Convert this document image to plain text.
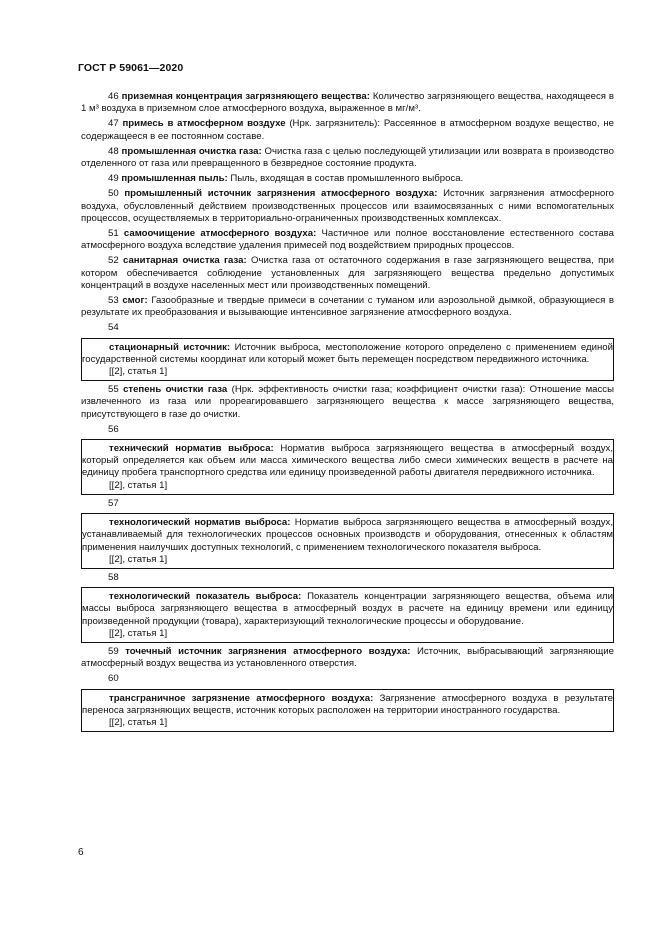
ГОСТ Р 59061—2020
46 приземная концентрация загрязняющего вещества: Количество загрязняющего вещества, находящееся в 1 м³ воздуха в приземном слое атмосферного воздуха, выраженное в мг/м³.
47 примесь в атмосферном воздухе (Нрк. загрязнитель): Рассеянное в атмосферном воздухе вещество, не содержащееся в ее постоянном составе.
48 промышленная очистка газа: Очистка газа с целью последующей утилизации или возврата в производство отделенного от газа или превращенного в безвредное состояние продукта.
49 промышленная пыль: Пыль, входящая в состав промышленного выброса.
50 промышленный источник загрязнения атмосферного воздуха: Источник загрязнения атмосферного воздуха, обусловленный действием производственных процессов или взаимосвязанных с ними вспомогательных процессов, осуществляемых в территориально-ограниченных производственных комплексах.
51 самоочищение атмосферного воздуха: Частичное или полное восстановление естественного состава атмосферного воздуха вследствие удаления примесей под воздействием природных процессов.
52 санитарная очистка газа: Очистка газа от остаточного содержания в газе загрязняющего вещества, при котором обеспечивается соблюдение установленных для загрязняющего вещества предельно допустимых концентраций в воздухе населенных мест или производственных помещений.
53 смог: Газообразные и твердые примеси в сочетании с туманом или аэрозольной дымкой, образующиеся в результате их преобразования и вызывающие интенсивное загрязнение атмосферного воздуха.
54
стационарный источник: Источник выброса, местоположение которого определено с применением единой государственной системы координат или который может быть перемещен посредством передвижного источника.
[[2], статья 1]
55 степень очистки газа (Нрк. эффективность очистки газа; коэффициент очистки газа): Отношение массы извлеченного из газа или прореагировавшего загрязняющего вещества к массе загрязняющего вещества, присутствующего в газе до очистки.
56
технический норматив выброса: Норматив выброса загрязняющего вещества в атмосферный воздух, который определяется как объем или масса химического вещества либо смеси химических веществ в расчете на единицу пробега транспортного средства или единицу произведенной работы двигателя передвижного источника.
[[2], статья 1]
57
технологический норматив выброса: Норматив выброса загрязняющего вещества в атмосферный воздух, устанавливаемый для технологических процессов основных производств и оборудования, отнесенных к областям применения наилучших доступных технологий, с применением технологического показателя выброса.
[[2], статья 1]
58
технологический показатель выброса: Показатель концентрации загрязняющего вещества, объема или массы выброса загрязняющего вещества в атмосферный воздух в расчете на единицу времени или единицу произведенной продукции (товара), характеризующий технологические процессы и оборудование.
[[2], статья 1]
59 точечный источник загрязнения атмосферного воздуха: Источник, выбрасывающий загрязняющие атмосферный воздух вещества из установленного отверстия.
60
трансграничное загрязнение атмосферного воздуха: Загрязнение атмосферного воздуха в результате переноса загрязняющих веществ, источник которых расположен на территории иностранного государства.
[[2], статья 1]
6
